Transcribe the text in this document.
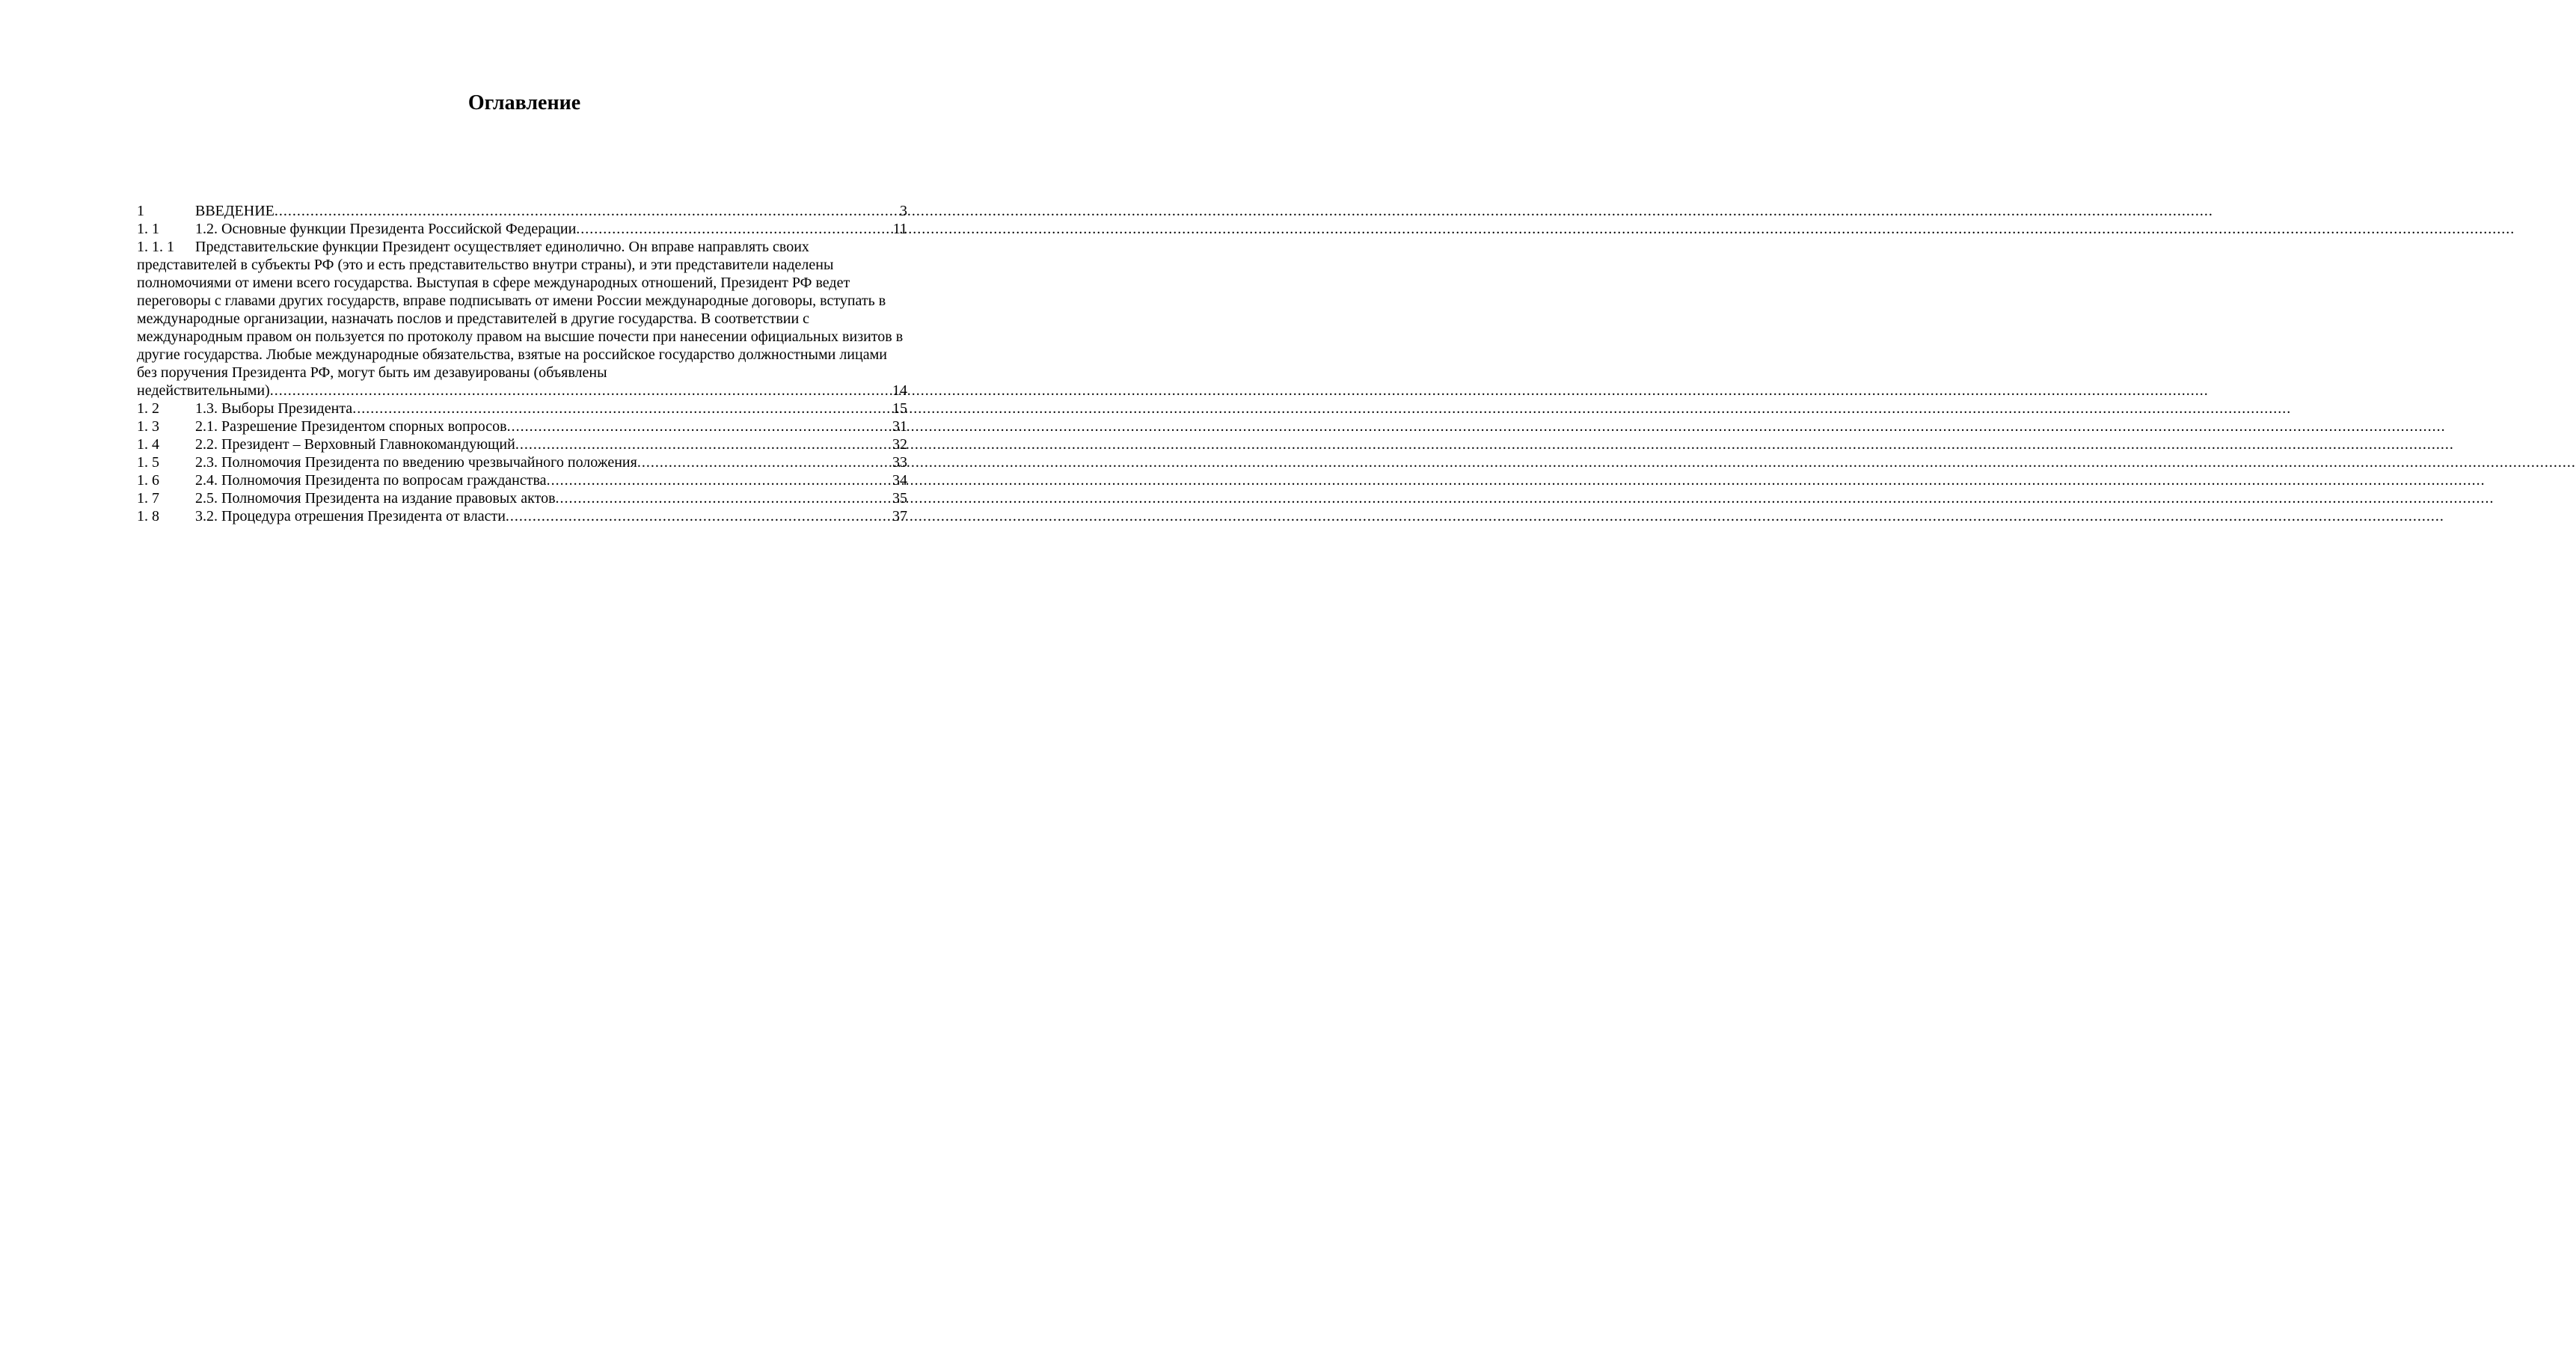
Оглавление
1	ВВЕДЕНИЕ .....	3
1. 1	1.2. Основные функции Президента Российской Федерации .....	11
1. 1. 1 Представительские функции Президент осуществляет единолично. Он вправе направлять своих представителей в субъекты РФ (это и есть представительство внутри страны), и эти представители наделены полномочиями от имени всего государства. Выступая в сфере международных отношений, Президент РФ ведет переговоры с главами других государств, вправе подписывать от имени России международные договоры, вступать в международные организации, назначать послов и представителей в другие государства. В соответствии с международным правом он пользуется по протоколу правом на высшие почести при нанесении официальных визитов в другие государства. Любые международные обязательства, взятые на российское государство должностными лицами без поручения Президента РФ, могут быть им дезавуированы (объявлены
недействительными) .....	14
1. 2	1.3. Выборы Президента .....	15
1. 3	2.1. Разрешение Президентом спорных вопросов .....	31
1. 4	2.2. Президент – Верховный Главнокомандующий .....	32
1. 5	2.3. Полномочия Президента по введению чрезвычайного положения .....	33
1. 6	2.4. Полномочия Президента по вопросам гражданства .....	34
1. 7	2.5. Полномочия Президента на издание правовых актов .....	35
1. 8	3.2. Процедура отрешения Президента от власти .....	37
